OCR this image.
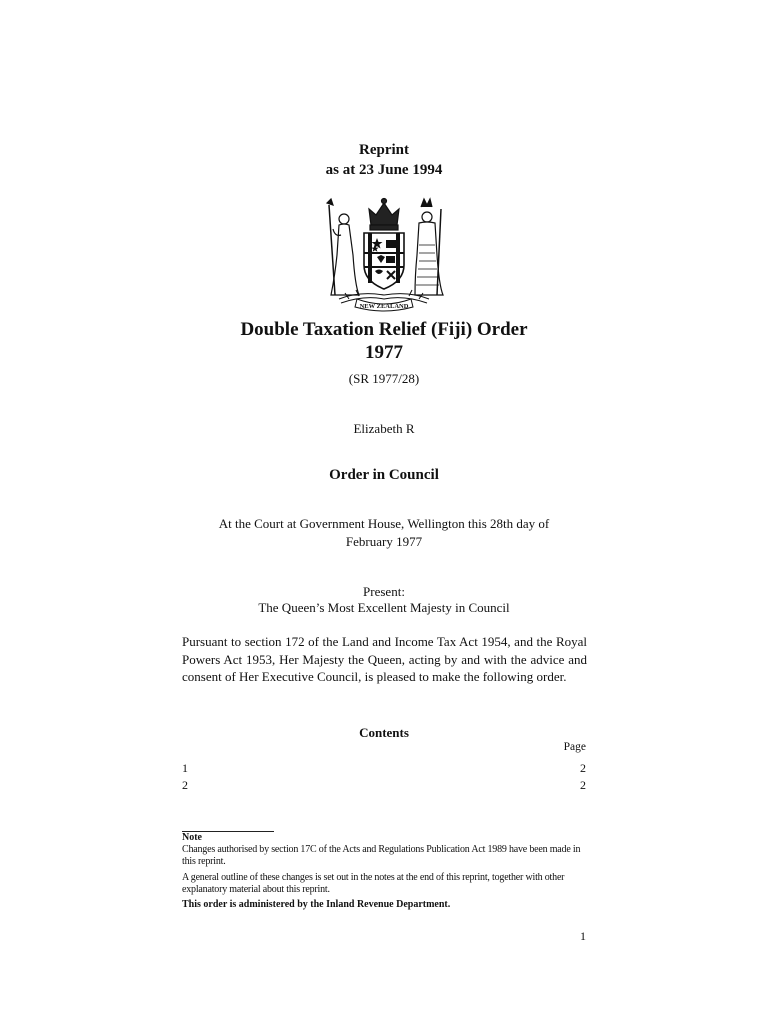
Reprint
as at 23 June 1994
NEW ZEALAND
Double Taxation Relief (Fiji) Order
1977
(SR 1977/28)
Elizabeth R
Order in Council
At the Court at Government House, Wellington this 28th day of
February 1977
Present:
The Queen’s Most Excellent Majesty in Council
Pursuant to section 172 of the Land and Income Tax Act 1954, and the Royal Powers Act 1953, Her Majesty the Queen, acting by and with the advice and consent of Her Executive Council, is pleased to make the following order.
Contents
Page
1	2
2	2
Note
Changes authorised by section 17C of the Acts and Regulations Publication Act 1989 have been made in this reprint.
A general outline of these changes is set out in the notes at the end of this reprint, together with other explanatory material about this reprint.
This order is administered by the Inland Revenue Department.
1
